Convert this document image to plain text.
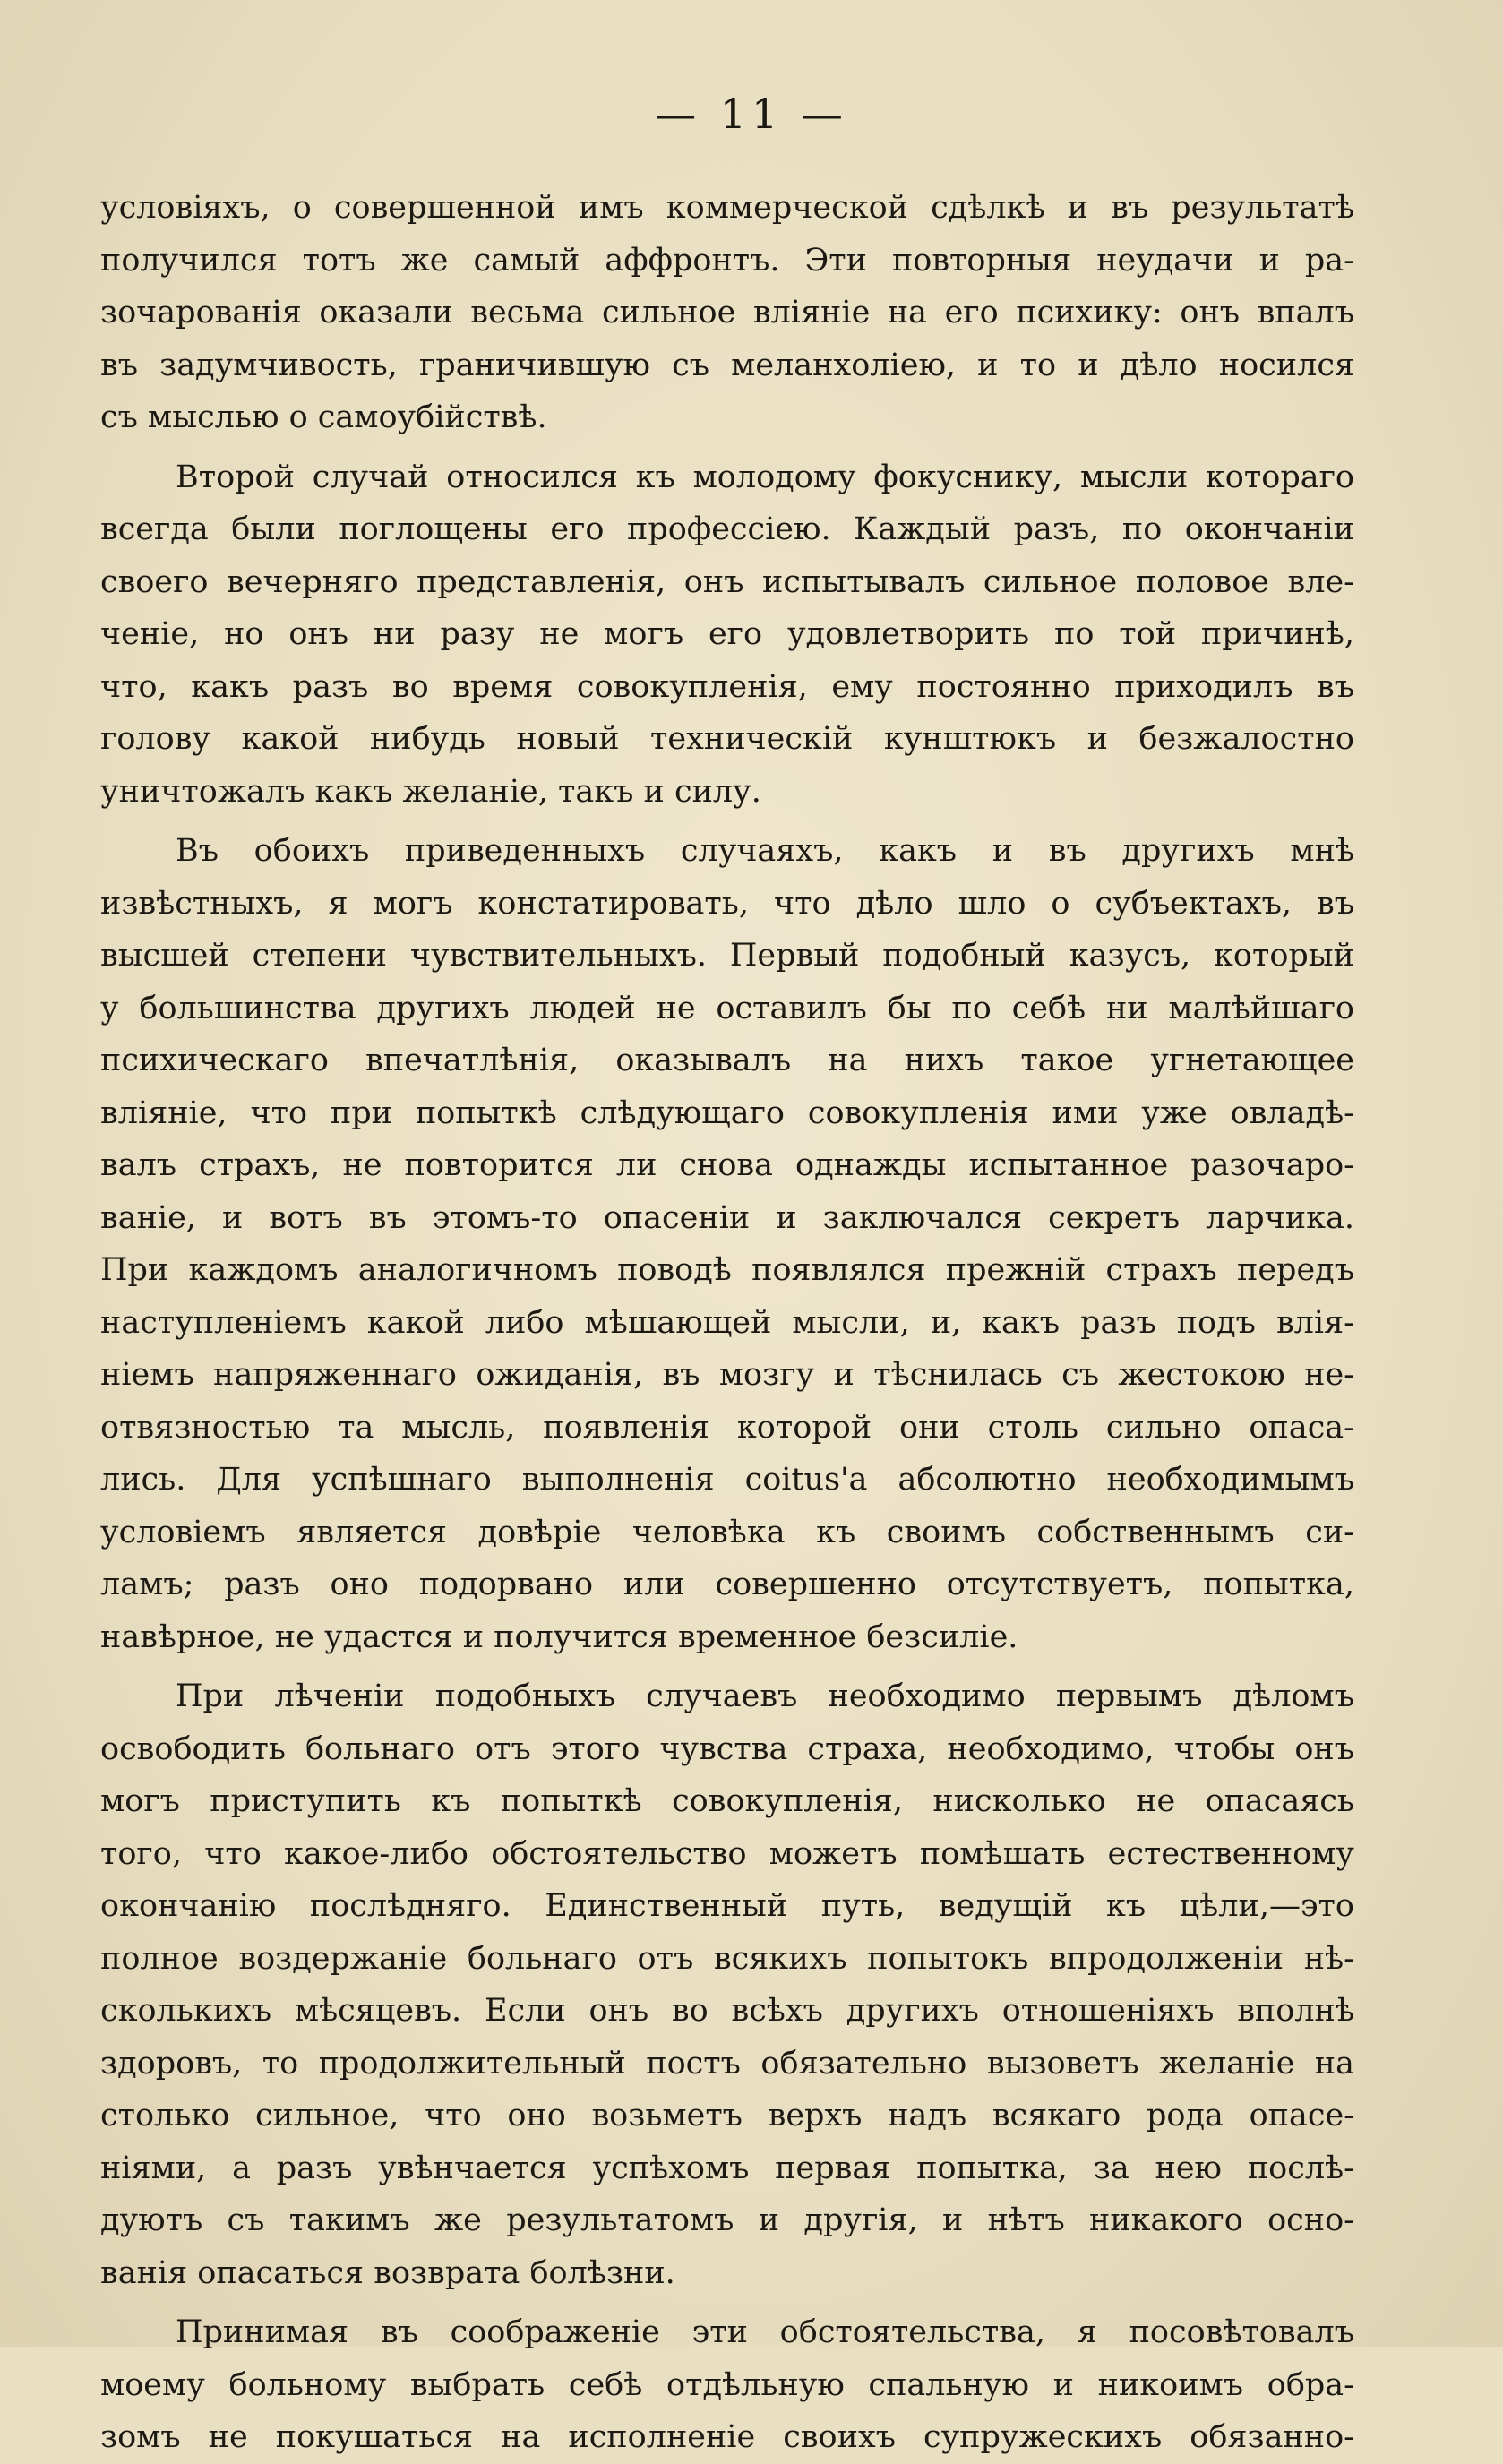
— 11 —
условіяхъ, о совершенной имъ коммерческой сдѣлкѣ и въ результатѣ
получился тотъ же самый аффронтъ. Эти повторныя неудачи и ра-
зочарованія оказали весьма сильное вліяніе на его психику: онъ впалъ
въ задумчивость, граничившую съ меланхоліею, и то и дѣло носился
съ мыслью о самоубійствѣ.
Второй случай относился къ молодому фокуснику, мысли котораго
всегда были поглощены его профессіею. Каждый разъ, по окончаніи
своего вечерняго представленія, онъ испытывалъ сильное половое вле-
ченіе, но онъ ни разу не могъ его удовлетворить по той причинѣ,
что, какъ разъ во время совокупленія, ему постоянно приходилъ въ
голову какой нибудь новый техническій кунштюкъ и безжалостно
уничтожалъ какъ желаніе, такъ и силу.
Въ обоихъ приведенныхъ случаяхъ, какъ и въ другихъ мнѣ
извѣстныхъ, я могъ констатировать, что дѣло шло о субъектахъ, въ
высшей степени чувствительныхъ. Первый подобный казусъ, который
у большинства другихъ людей не оставилъ бы по себѣ ни малѣйшаго
психическаго впечатлѣнія, оказывалъ на нихъ такое угнетающее
вліяніе, что при попыткѣ слѣдующаго совокупленія ими уже овладѣ-
валъ страхъ, не повторится ли снова однажды испытанное разочаро-
ваніе, и вотъ въ этомъ-то опасеніи и заключался секретъ ларчика.
При каждомъ аналогичномъ поводѣ появлялся прежній страхъ передъ
наступленіемъ какой либо мѣшающей мысли, и, какъ разъ подъ влія-
ніемъ напряженнаго ожиданія, въ мозгу и тѣснилась съ жестокою не-
отвязностью та мысль, появленія которой они столь сильно опаса-
лись. Для успѣшнаго выполненія coitus'а абсолютно необходимымъ
условіемъ является довѣріе человѣка къ своимъ собственнымъ си-
ламъ; разъ оно подорвано или совершенно отсутствуетъ, попытка,
навѣрное, не удастся и получится временное безсиліе.
При лѣченіи подобныхъ случаевъ необходимо первымъ дѣломъ
освободить больнаго отъ этого чувства страха, необходимо, чтобы онъ
могъ приступить къ попыткѣ совокупленія, нисколько не опасаясь
того, что какое-либо обстоятельство можетъ помѣшать естественному
окончанію послѣдняго. Единственный путь, ведущій къ цѣли,—это
полное воздержаніе больнаго отъ всякихъ попытокъ впродолженіи нѣ-
сколькихъ мѣсяцевъ. Если онъ во всѣхъ другихъ отношеніяхъ вполнѣ
здоровъ, то продолжительный постъ обязательно вызоветъ желаніе на
столько сильное, что оно возьметъ верхъ надъ всякаго рода опасе-
ніями, а разъ увѣнчается успѣхомъ первая попытка, за нею послѣ-
дуютъ съ такимъ же результатомъ и другія, и нѣтъ никакого осно-
ванія опасаться возврата болѣзни.
Принимая въ соображеніе эти обстоятельства, я посовѣтовалъ
моему больному выбрать себѣ отдѣльную спальную и никоимъ обра-
зомъ не покушаться на исполненіе своихъ супружескихъ обязанно-
